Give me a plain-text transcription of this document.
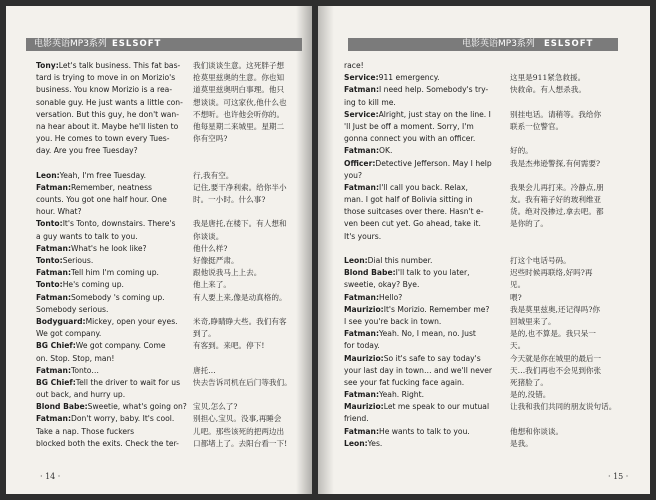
电影英语MP3系列 ESLSOFT
Tony:Let's talk business. This fat bas-
tard is trying to move in on Morizio's
business. You know Morizio is a rea-
sonable guy. He just wants a little con-
versation. But this guy, he don't wan-
na hear about it. Maybe he'll listen to
you. He comes to town every Tues-
day. Are you free Tuesday?
Leon:Yeah, I'm free Tuesday.
Fatman:Remember, neatness
counts. You got one half hour. One
hour. What?
Tonto:It's Tonto, downstairs. There's
a guy wants to talk to you.
Fatman:What's he look like?
Tonto:Serious.
Fatman:Tell him I'm coming up.
Tonto:He's coming up.
Fatman:Somebody 's coming up.
Somebody serious.
Bodyguard:Mickey, open your eyes.
We got company.
BG Chief:We got company. Come
on. Stop. Stop, man!
Fatman:Tonto…
BG Chief:Tell the driver to wait for us
out back, and hurry up.
Blond Babe:Sweetie, what's going on?
Fatman:Don't worry, baby. It's cool.
Take a nap. Those fuckers
blocked both the exits. Check the ter-
我们谈谈生意。这死胖子想
抢莫里兹奥的生意。你也知
道莫里兹奥明白事理。他只
想谈谈。可这家伙,他什么也
不想听。也许他会听你的。
他每星期二来城里。星期二
你有空吗?
行,我有空。
记住,要干净利索。给你半小
时。一小时。什么事?
我是唐托,在楼下。有人想和
你谈谈。
他什么样?
好像挺严肃。
跟他说我马上上去。
他上来了。
有人要上来,像是动真格的。
米奇,睁睛睁大些。我们有客
到了。
有客到。来吧。停下!
唐托…
快去告诉司机在后门等我们。
宝贝,怎么了?
别担心,宝贝。没事,再睡会
儿吧。那些该死的把两边出
口都堵上了。去阳台看一下!
· 14 ·
电影英语MP3系列 ESLSOFT
race!
Service:911 emergency.
Fatman:I need help. Somebody's try-
ing to kill me.
Service:Alright, just stay on the line. I
'll Just be off a moment. Sorry, I'm
gonna connect you with an officer.
Fatman:OK.
Officer:Detective Jefferson. May I help
you?
Fatman:I'll call you back. Relax,
man. I got half of Bolivia sitting in
those suitcases over there. Hasn't e-
ven been cut yet. Go ahead, take it.
It's yours.
Leon:Dial this number.
Blond Babe:I'll talk to you later,
sweetie, okay? Bye.
Fatman:Hello?
Maurizio:It's Morizio. Remember me?
I see you're back in town.
Fatman:Yeah. No, I mean, no. Just
for today.
Maurizio:So it's safe to say today's
your last day in town… and we'll never
see your fat fucking face again.
Fatman:Yeah. Right.
Maurizio:Let me speak to our mutual
friend.
Fatman:He wants to talk to you.
Leon:Yes.
这里是911紧急救援。
快救命。有人想杀我。
别挂电话。请稍等。我给你
联系一位警官。
好的。
我是杰弗逊警探,有何需要?
我果会儿再打来。冷静点,朋
友。我有箱子好的玻利维亚
货。绝对没掺过,拿去吧。都
是你的了。
打这个电话号码。
迟些时候再联络,好吗?再
见。
喂?
我是莫里兹奥,还记得吗?你
回城里来了。
是的,也不算是。我只呆一
天。
今天就是你在城里的最后一
天…我们再也不会见到你张
死猪脸了。
是的,没错。
让我和我们共同的朋友说句话。
他想和你谈谈。
是我。
· 15 ·
